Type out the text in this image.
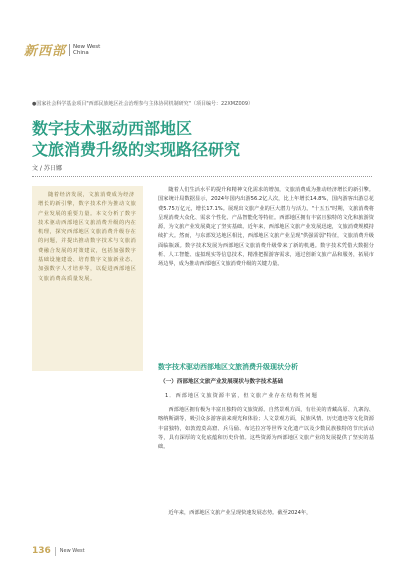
新西部	New West
China
●国家社会科学基金项目"西部民族地区社会治理参与主体协同机制研究"（项目编号：22XMZ009）
数字技术驱动西部地区
文旅消费升级的实现路径研究
文 / 苏日娜

随着经济发展，文旅消费成为经济增长的新引擎，数字技术作为推动文旅产业发展的重要力量。本文分析了数字技术驱动西部地区文旅消费升级的内在机理，探究西部地区文旅消费升级存在的问题，并提出推动数字技术与文旅消费融合发展的对策建议，包括加强数字基础设施建设、培育数字文旅新业态、加强数字人才培养等，以促进西部地区文旅消费高质量发展。

随着人们生活水平的提升和精神文化需求的增加，文旅消费成为推动经济增长的新引擎。国家统计局数据显示，2024年国内出游56.2亿人次，比上年增长14.8%，国内游客出游总花费5.75万亿元，增长17.1%。展现出文旅产业的巨大潜力与活力。"十五五"时期，文旅消费将呈现消费大众化、需求个性化、产品智能化等特征。西部地区拥有丰富且独特的文化和旅游资源，为文旅产业发展奠定了坚实基础。近年来，西部地区文旅产业发展迅速，文旅消费规模持续扩大。然而，与东部发达地区相比，西部地区文旅产业呈现"供强需弱"特征，文旅消费升级面临瓶颈。数字技术发展为西部地区文旅消费升级带来了新的机遇。数字技术凭借大数据分析、人工智能、虚拟现实等信息技术，精准把握游客需求，通过创新文旅产品和服务，拓展市场边界，成为推动西部地区文旅消费升级的关键力量。

数字技术驱动西部地区文旅消费升级现状分析
（一）西部地区文旅产业发展现状与数字技术基础
1．西部地区文旅资源丰富，但文旅产业存在结构性问题

西部地区拥有极为丰富且独特的文旅资源。自然景观方面，有壮美的青藏高原、九寨沟、喀纳斯湖等，吸引众多游客前来观光和体验；人文景观方面，民族风情、历史遗迹等文化资源丰富独特，如敦煌莫高窟、兵马俑、布达拉宫等世界文化遗产以及少数民族独特的节庆活动等，具有深厚的文化底蕴和历史价值。这些资源为西部地区文旅产业的发展提供了坚实的基础。

近年来，西部地区文旅产业呈现快速发展态势。截至2024年，

136 New West
